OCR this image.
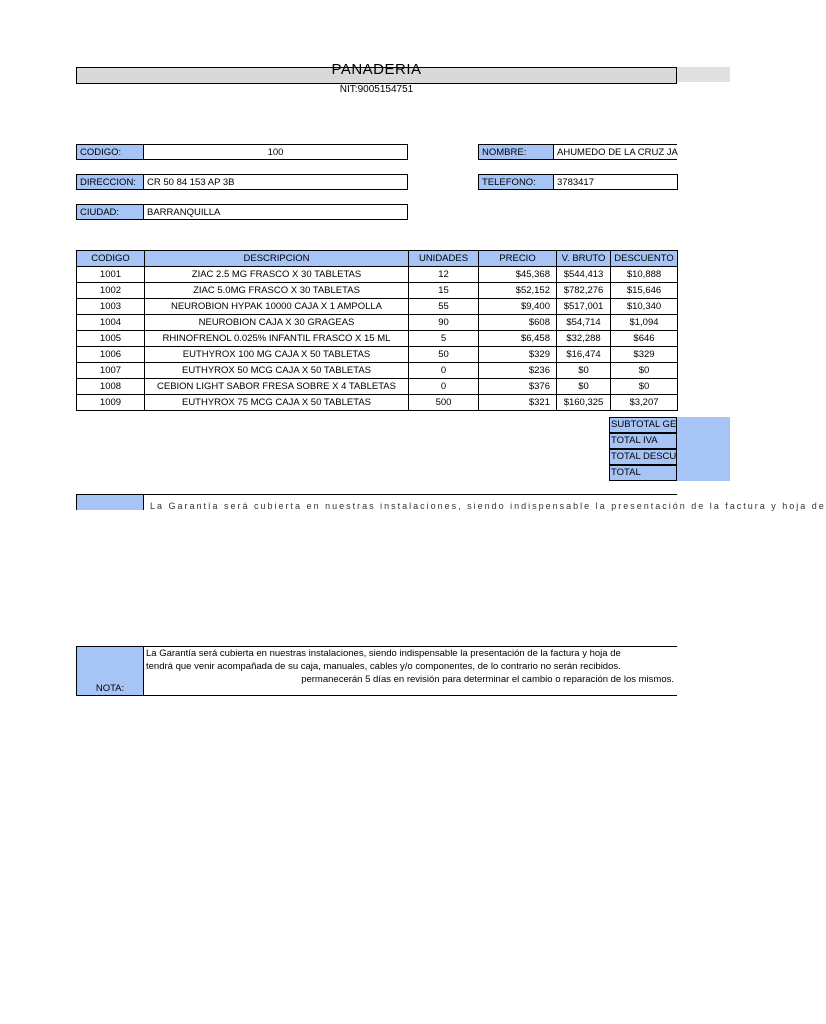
PANADERIA
NIT:9005154751
CODIGO:	100	NOMBRE:	AHUMEDO DE LA CRUZ JA
DIRECCION:	CR 50 84 153 AP 3B	TELEFONO:	3783417
CIUDAD:	BARRANQUILLA
CODIGO	DESCRIPCION	UNIDADES	PRECIO	V. BRUTO	DESCUENTO
1001	ZIAC 2.5 MG FRASCO X 30 TABLETAS	12	$45,368	$544,413	$10,888
1002	ZIAC 5.0MG FRASCO X 30 TABLETAS	15	$52,152	$782,276	$15,646
1003	NEUROBION HYPAK 10000 CAJA X 1 AMPOLLA	55	$9,400	$517,001	$10,340
1004	NEUROBION CAJA X 30 GRAGEAS	90	$608	$54,714	$1,094
1005	RHINOFRENOL 0.025% INFANTIL FRASCO X 15 ML	5	$6,458	$32,288	$646
1006	EUTHYROX 100 MG CAJA X 50 TABLETAS	50	$329	$16,474	$329
1007	EUTHYROX 50 MCG CAJA X 50 TABLETAS	0	$236	$0	$0
1008	CEBION LIGHT SABOR FRESA SOBRE X 4 TABLETAS	0	$376	$0	$0
1009	EUTHYROX 75 MCG CAJA X 50 TABLETAS	500	$321	$160,325	$3,207
SUBTOTAL GE
TOTAL IVA
TOTAL DESCU
TOTAL
La Garantía será cubierta en nuestras instalaciones, siendo indispensable la presentación de la factura y hoja de
NOTA:
La Garantía será cubierta en nuestras instalaciones, siendo indispensable la presentación de la factura y hoja de
tendrá que venir acompañada de su caja, manuales, cables y/o componentes, de lo contrario no serán recibidos.
permanecerán 5 días en revisión para determinar el cambio o reparación de los mismos.
